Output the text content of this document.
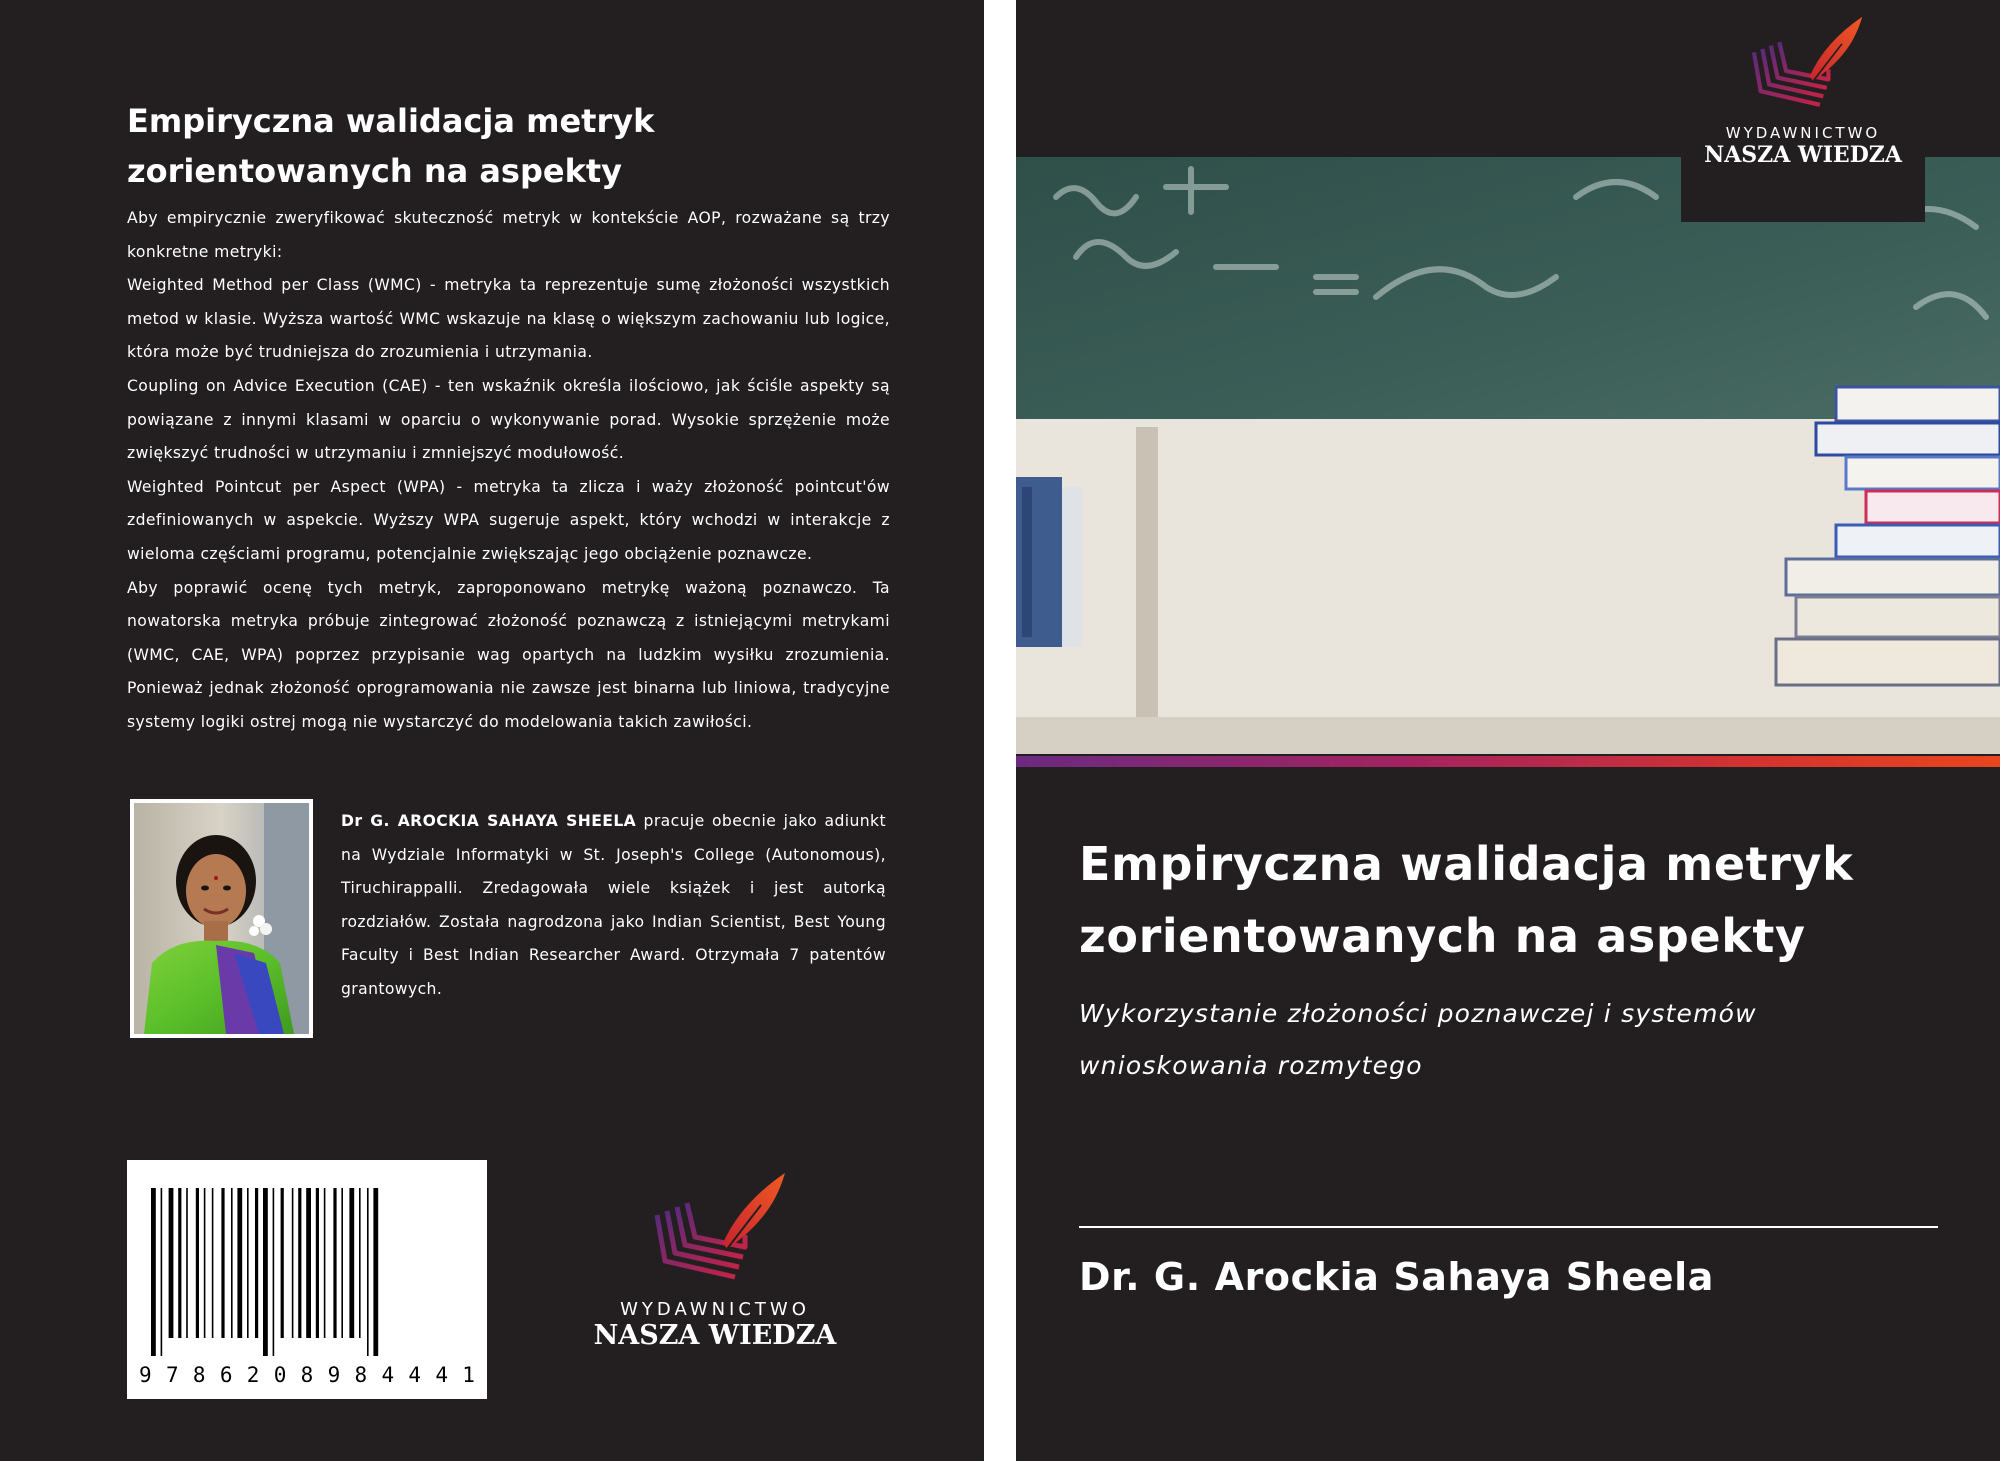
Empiryczna walidacja metryk
zorientowanych na aspekty

Aby empirycznie zweryfikować skuteczność metryk w kontekście AOP, rozważane są trzy konkretne metryki:

Weighted Method per Class (WMC) - metryka ta reprezentuje sumę złożoności wszystkich metod w klasie. Wyższa wartość WMC wskazuje na klasę o większym zachowaniu lub logice, która może być trudniejsza do zrozumienia i utrzymania.

Coupling on Advice Execution (CAE) - ten wskaźnik określa ilościowo, jak ściśle aspekty są powiązane z innymi klasami w oparciu o wykonywanie porad. Wysokie sprzężenie może zwiększyć trudności w utrzymaniu i zmniejszyć modułowość.

Weighted Pointcut per Aspect (WPA) - metryka ta zlicza i waży złożoność pointcut'ów zdefiniowanych w aspekcie. Wyższy WPA sugeruje aspekt, który wchodzi w interakcje z wieloma częściami programu, potencjalnie zwiększając jego obciążenie poznawcze.

Aby poprawić ocenę tych metryk, zaproponowano metrykę ważoną poznawczo. Ta nowatorska metryka próbuje zintegrować złożoność poznawczą z istniejącymi metrykami (WMC, CAE, WPA) poprzez przypisanie wag opartych na ludzkim wysiłku zrozumienia. Ponieważ jednak złożoność oprogramowania nie zawsze jest binarna lub liniowa, tradycyjne systemy logiki ostrej mogą nie wystarczyć do modelowania takich zawiłości.

Dr G. AROCKIA SAHAYA SHEELA pracuje obecnie jako adiunkt na Wydziale Informatyki w St. Joseph's College (Autonomous), Tiruchirappalli. Zredagowała wiele książek i jest autorką rozdziałów. Została nagrodzona jako Indian Scientist, Best Young Faculty i Best Indian Researcher Award. Otrzymała 7 patentów grantowych.
9 7 8 6 2 0 8 9 8 4 4 4 1
WYDAWNICTWO
NASZA WIEDZA
WYDAWNICTWO
NASZA WIEDZA
Empiryczna walidacja metryk
zorientowanych na aspekty
Wykorzystanie złożoności poznawczej i systemów
wnioskowania rozmytego
Dr. G. Arockia Sahaya Sheela
